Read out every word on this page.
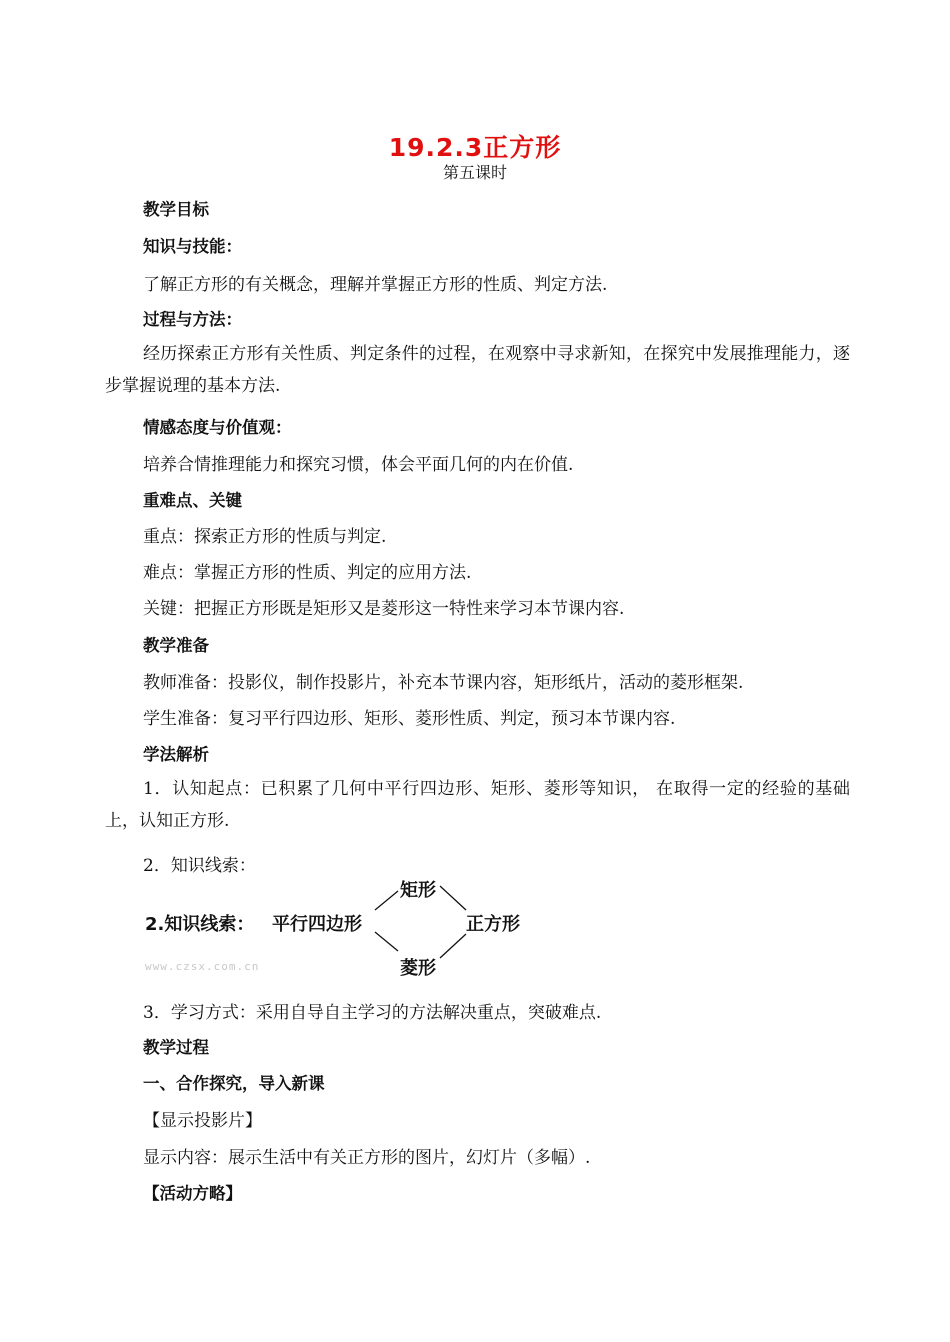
19.2.3正方形
第五课时
教学目标
知识与技能：
了解正方形的有关概念，理解并掌握正方形的性质、判定方法.
过程与方法：
经历探索正方形有关性质、判定条件的过程，在观察中寻求新知，在探究中发展推理能力，逐步掌握说理的基本方法.
情感态度与价值观：
培养合情推理能力和探究习惯，体会平面几何的内在价值.
重难点、关键
重点：探索正方形的性质与判定.
难点：掌握正方形的性质、判定的应用方法.
关键：把握正方形既是矩形又是菱形这一特性来学习本节课内容.
教学准备
教师准备：投影仪，制作投影片，补充本节课内容，矩形纸片，活动的菱形框架.
学生准备：复习平行四边形、矩形、菱形性质、判定，预习本节课内容.
学法解析
1．认知起点：已积累了几何中平行四边形、矩形、菱形等知识， 在取得一定的经验的基础上，认知正方形.
2．知识线索：
2.知识线索： 平行四边形
矩形
菱形
正方形
www.czsx.com.cn
3．学习方式：采用自导自主学习的方法解决重点，突破难点.
教学过程
一、合作探究，导入新课
【显示投影片】
显示内容：展示生活中有关正方形的图片，幻灯片（多幅）.
【活动方略】
